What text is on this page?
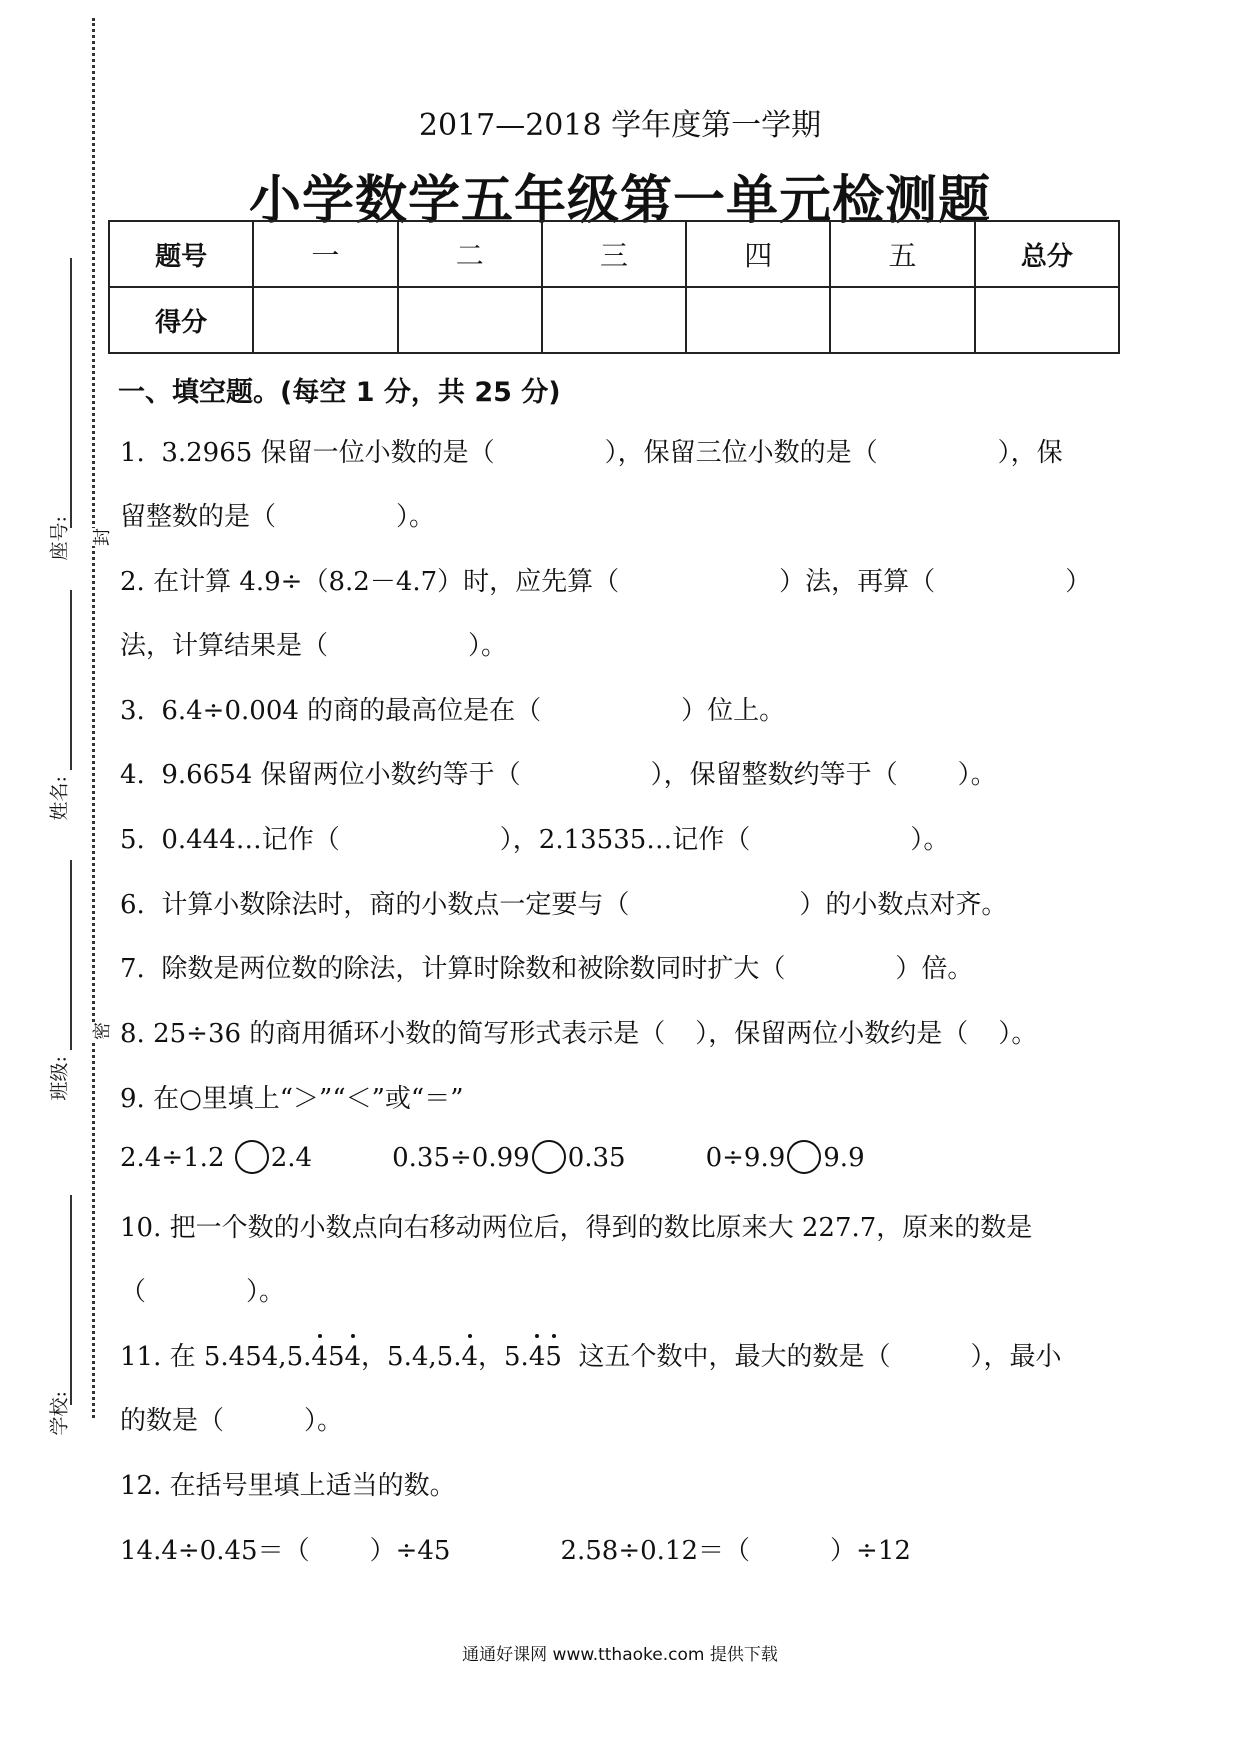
座号:
姓名:
班级:
学校:
封
密
2017—2018 学年度第一学期
小学数学五年级第一单元检测题
题号	一	二	三	四	五	总分
得分						
一、填空题。(每空 1 分，共 25 分)
1.  3.2965 保留一位小数的是（	），保留三位小数的是（	），保
留整数的是（	）。
2. 在计算 4.9÷（8.2－4.7）时，应先算（	）法，再算（	）
法，计算结果是（	）。
3.  6.4÷0.004 的商的最高位是在（	）位上。
4.  9.6654 保留两位小数约等于（	），保留整数约等于（ ）。
5.  0.444…记作（	），2.13535…记作（	）。
6.  计算小数除法时，商的小数点一定要与（	）的小数点对齐。
7.  除数是两位数的除法，计算时除数和被除数同时扩大（	）倍。
8. 25÷36 的商用循环小数的简写形式表示是（ ），保留两位小数约是（ ）。
9. 在○里填上“＞”“＜”或“＝”
2.4÷1.2 2.4	0.35÷0.99 0.35	0÷9.9 9.9
10. 把一个数的小数点向右移动两位后，得到的数比原来大 227.7，原来的数是
（	）。
11. 在 5.454,5.454，5.4,5.4，5.45 这五个数中，最大的数是（	），最小
的数是（	）。
12. 在括号里填上适当的数。
14.4÷0.45＝（ ）÷45	2.58÷0.12＝（	）÷12
通通好课网 www.tthaoke.com 提供下载
